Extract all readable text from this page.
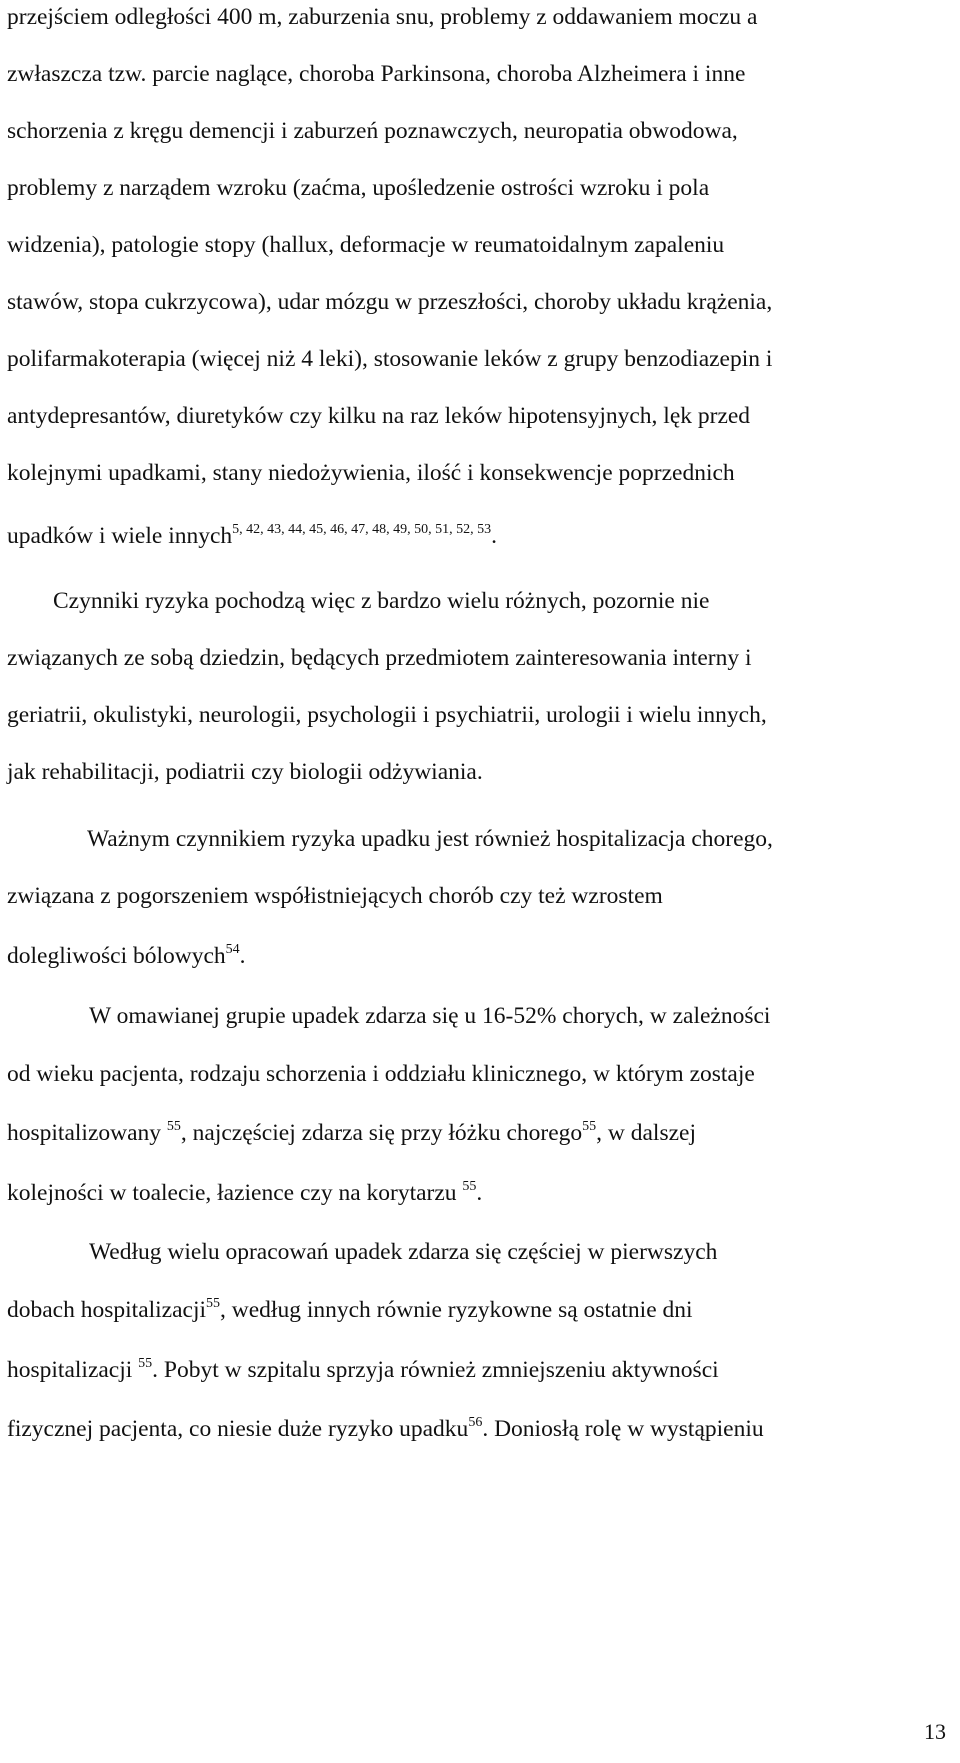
przejściem odległości 400 m, zaburzenia snu, problemy z oddawaniem moczu a
zwłaszcza tzw. parcie naglące, choroba Parkinsona, choroba Alzheimera i inne
schorzenia z kręgu demencji i zaburzeń poznawczych, neuropatia obwodowa,
problemy z narządem wzroku (zaćma, upośledzenie ostrości wzroku i pola
widzenia), patologie stopy (hallux, deformacje w reumatoidalnym zapaleniu
stawów, stopa cukrzycowa), udar mózgu w przeszłości, choroby układu krążenia,
polifarmakoterapia (więcej niż 4 leki), stosowanie leków z grupy benzodiazepin i
antydepresantów, diuretyków czy kilku na raz leków hipotensyjnych, lęk przed
kolejnymi upadkami, stany niedożywienia, ilość i konsekwencje poprzednich
upadków i wiele innych$^{5, 42, 43, 44, 45, 46, 47, 48, 49, 50, 51, 52, 53}$.
Czynniki ryzyka pochodzą więc z bardzo wielu różnych, pozornie nie
związanych ze sobą dziedzin, będących przedmiotem zainteresowania interny i
geriatrii, okulistyki, neurologii, psychologii i psychiatrii, urologii i wielu innych,
jak rehabilitacji, podiatrii czy biologii odżywiania.
Ważnym czynnikiem ryzyka upadku jest również hospitalizacja chorego,
związana z pogorszeniem współistniejących chorób czy też wzrostem
dolegliwości bólowych$^{54}$.
W omawianej grupie upadek zdarza się u 16-52% chorych, w zależności
od wieku pacjenta, rodzaju schorzenia i oddziału klinicznego, w którym zostaje
hospitalizowany $^{55}$, najczęściej zdarza się przy łóżku chorego$^{55}$, w dalszej
kolejności w toalecie, łazience czy na korytarzu $^{55}$.
Według wielu opracowań upadek zdarza się częściej w pierwszych
dobach hospitalizacji$^{55}$, według innych równie ryzykowne są ostatnie dni
hospitalizacji $^{55}$. Pobyt w szpitalu sprzyja również zmniejszeniu aktywności
fizycznej pacjenta, co niesie duże ryzyko upadku$^{56}$. Doniosłą rolę w wystąpieniu
13
